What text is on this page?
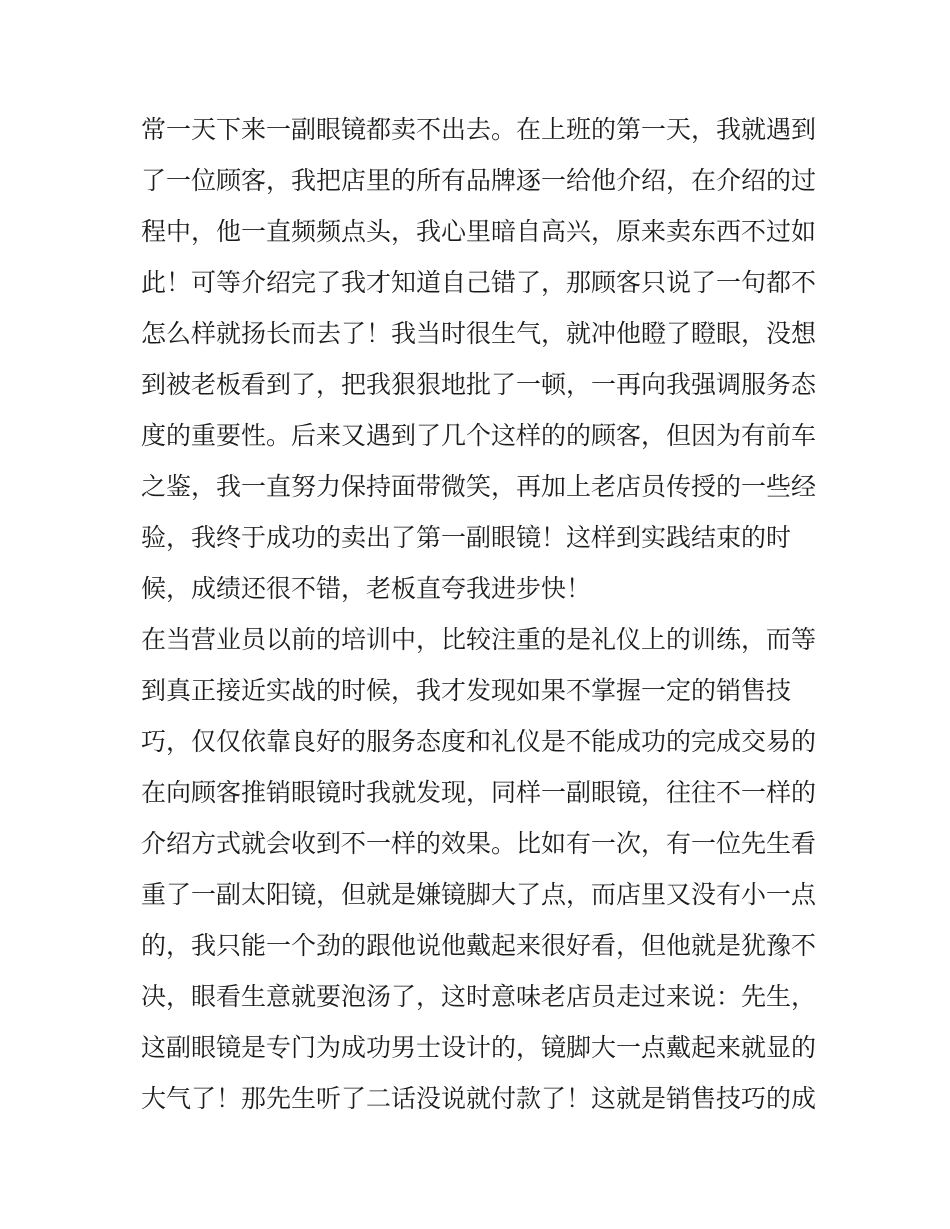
常一天下来一副眼镜都卖不出去。在上班的第一天，我就遇到
了一位顾客，我把店里的所有品牌逐一给他介绍，在介绍的过
程中，他一直频频点头，我心里暗自高兴，原来卖东西不过如
此！可等介绍完了我才知道自己错了，那顾客只说了一句都不
怎么样就扬长而去了！我当时很生气，就冲他瞪了瞪眼，没想
到被老板看到了，把我狠狠地批了一顿，一再向我强调服务态
度的重要性。后来又遇到了几个这样的的顾客，但因为有前车
之鉴，我一直努力保持面带微笑，再加上老店员传授的一些经
验，我终于成功的卖出了第一副眼镜！这样到实践结束的时
候，成绩还很不错，老板直夸我进步快！
在当营业员以前的培训中，比较注重的是礼仪上的训练，而等
到真正接近实战的时候，我才发现如果不掌握一定的销售技
巧，仅仅依靠良好的服务态度和礼仪是不能成功的完成交易的
在向顾客推销眼镜时我就发现，同样一副眼镜，往往不一样的
介绍方式就会收到不一样的效果。比如有一次，有一位先生看
重了一副太阳镜，但就是嫌镜脚大了点，而店里又没有小一点
的，我只能一个劲的跟他说他戴起来很好看，但他就是犹豫不
决，眼看生意就要泡汤了，这时意味老店员走过来说：先生，
这副眼镜是专门为成功男士设计的，镜脚大一点戴起来就显的
大气了！那先生听了二话没说就付款了！这就是销售技巧的成
